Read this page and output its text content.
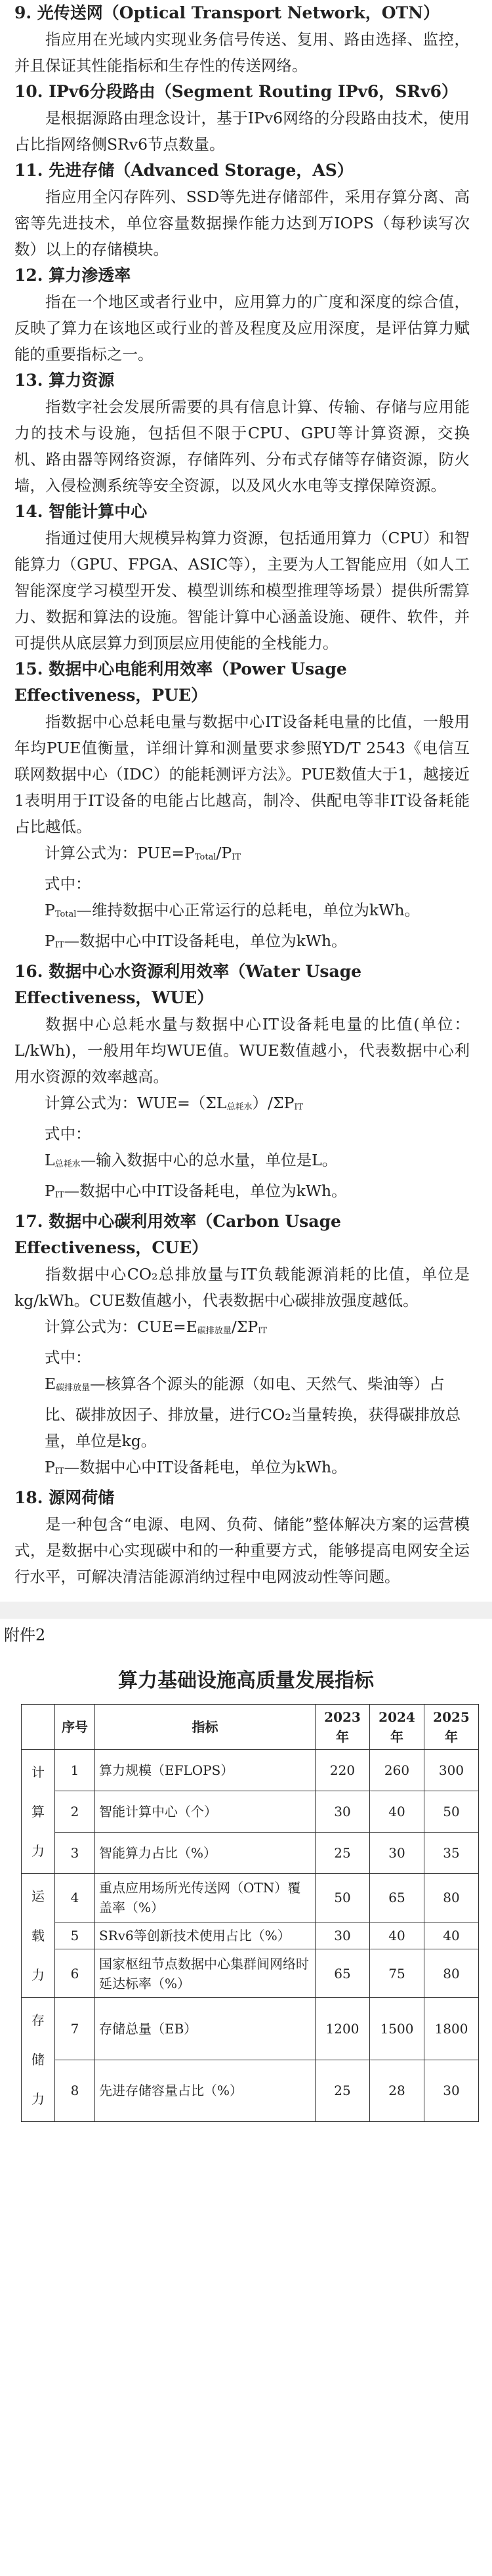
9. 光传送网（Optical Transport Network，OTN）

指应用在光域内实现业务信号传送、复用、路由选择、监控，并且保证其性能指标和生存性的传送网络。

10. IPv6分段路由（Segment Routing IPv6，SRv6）

是根据源路由理念设计，基于IPv6网络的分段路由技术，使用占比指网络侧SRv6节点数量。

11. 先进存储（Advanced Storage，AS）

指应用全闪存阵列、SSD等先进存储部件，采用存算分离、高密等先进技术，单位容量数据操作能力达到万IOPS（每秒读写次数）以上的存储模块。

12. 算力渗透率

指在一个地区或者行业中，应用算力的广度和深度的综合值，反映了算力在该地区或行业的普及程度及应用深度，是评估算力赋能的重要指标之一。

13. 算力资源

指数字社会发展所需要的具有信息计算、传输、存储与应用能力的技术与设施，包括但不限于CPU、GPU等计算资源，交换机、路由器等网络资源，存储阵列、分布式存储等存储资源，防火墙，入侵检测系统等安全资源，以及风火水电等支撑保障资源。

14. 智能计算中心

指通过使用大规模异构算力资源，包括通用算力（CPU）和智能算力（GPU、FPGA、ASIC等），主要为人工智能应用（如人工智能深度学习模型开发、模型训练和模型推理等场景）提供所需算力、数据和算法的设施。智能计算中心涵盖设施、硬件、软件，并可提供从底层算力到顶层应用使能的全栈能力。

15. 数据中心电能利用效率（Power Usage Effectiveness，PUE）

指数据中心总耗电量与数据中心IT设备耗电量的比值，一般用年均PUE值衡量，详细计算和测量要求参照YD/T 2543《电信互联网数据中心（IDC）的能耗测评方法》。PUE数值大于1，越接近1表明用于IT设备的电能占比越高，制冷、供配电等非IT设备耗能占比越低。

计算公式为：$PUE=P_{Total}/P_{IT}$

式中：

$P_{Total}—$维持数据中心正常运行的总耗电，单位为kWh。
$P_{IT}—$数据中心中IT设备耗电，单位为kWh。
16. 数据中心水资源利用效率（Water Usage Effectiveness，WUE）

数据中心总耗水量与数据中心IT设备耗电量的比值(单位：L/kWh)，一般用年均WUE值。WUE数值越小，代表数据中心利用水资源的效率越高。

计算公式为：$WUE=(\Sigma L_{总耗水})/\Sigma P_{IT}$

式中：

$L_{总耗水}—$输入数据中心的总水量，单位是L。
$P_{IT}—$数据中心中IT设备耗电，单位为kWh。
17. 数据中心碳利用效率（Carbon Usage Effectiveness，CUE）

指数据中心CO₂总排放量与IT负载能源消耗的比值，单位是kg/kWh。CUE数值越小，代表数据中心碳排放强度越低。

计算公式为：$CUE=E_{碳排放量}/\Sigma P_{IT}$

式中：

$E_{碳排放量}—$核算各个源头的能源（如电、天然气、柴油等）占比、碳排放因子、排放量，进行CO₂当量转换，获得碳排放总量，单位是kg。
$P_{IT}—$数据中心中IT设备耗电，单位为kWh。
18. 源网荷储

是一种包含“电源、电网、负荷、储能”整体解决方案的运营模式，是数据中心实现碳中和的一种重要方式，能够提高电网安全运行水平，可解决清洁能源消纳过程中电网波动性等问题。

附件2
算力基础设施高质量发展指标
	序号	指标	2023年	2024年	2025年
计算力	1	算力规模（EFLOPS）	220	260	300
	2	智能计算中心（个）	30	40	50
	3	智能算力占比（%）	25	30	35
运载力	4	重点应用场所光传送网（OTN）覆盖率（%）	50	65	80
	5	SRv6等创新技术使用占比（%）	30	40	40
	6	国家枢纽节点数据中心集群间网络时延达标率（%）	65	75	80
存储力	7	存储总量（EB）	1200	1500	1800
	8	先进存储容量占比（%）	25	28	30
